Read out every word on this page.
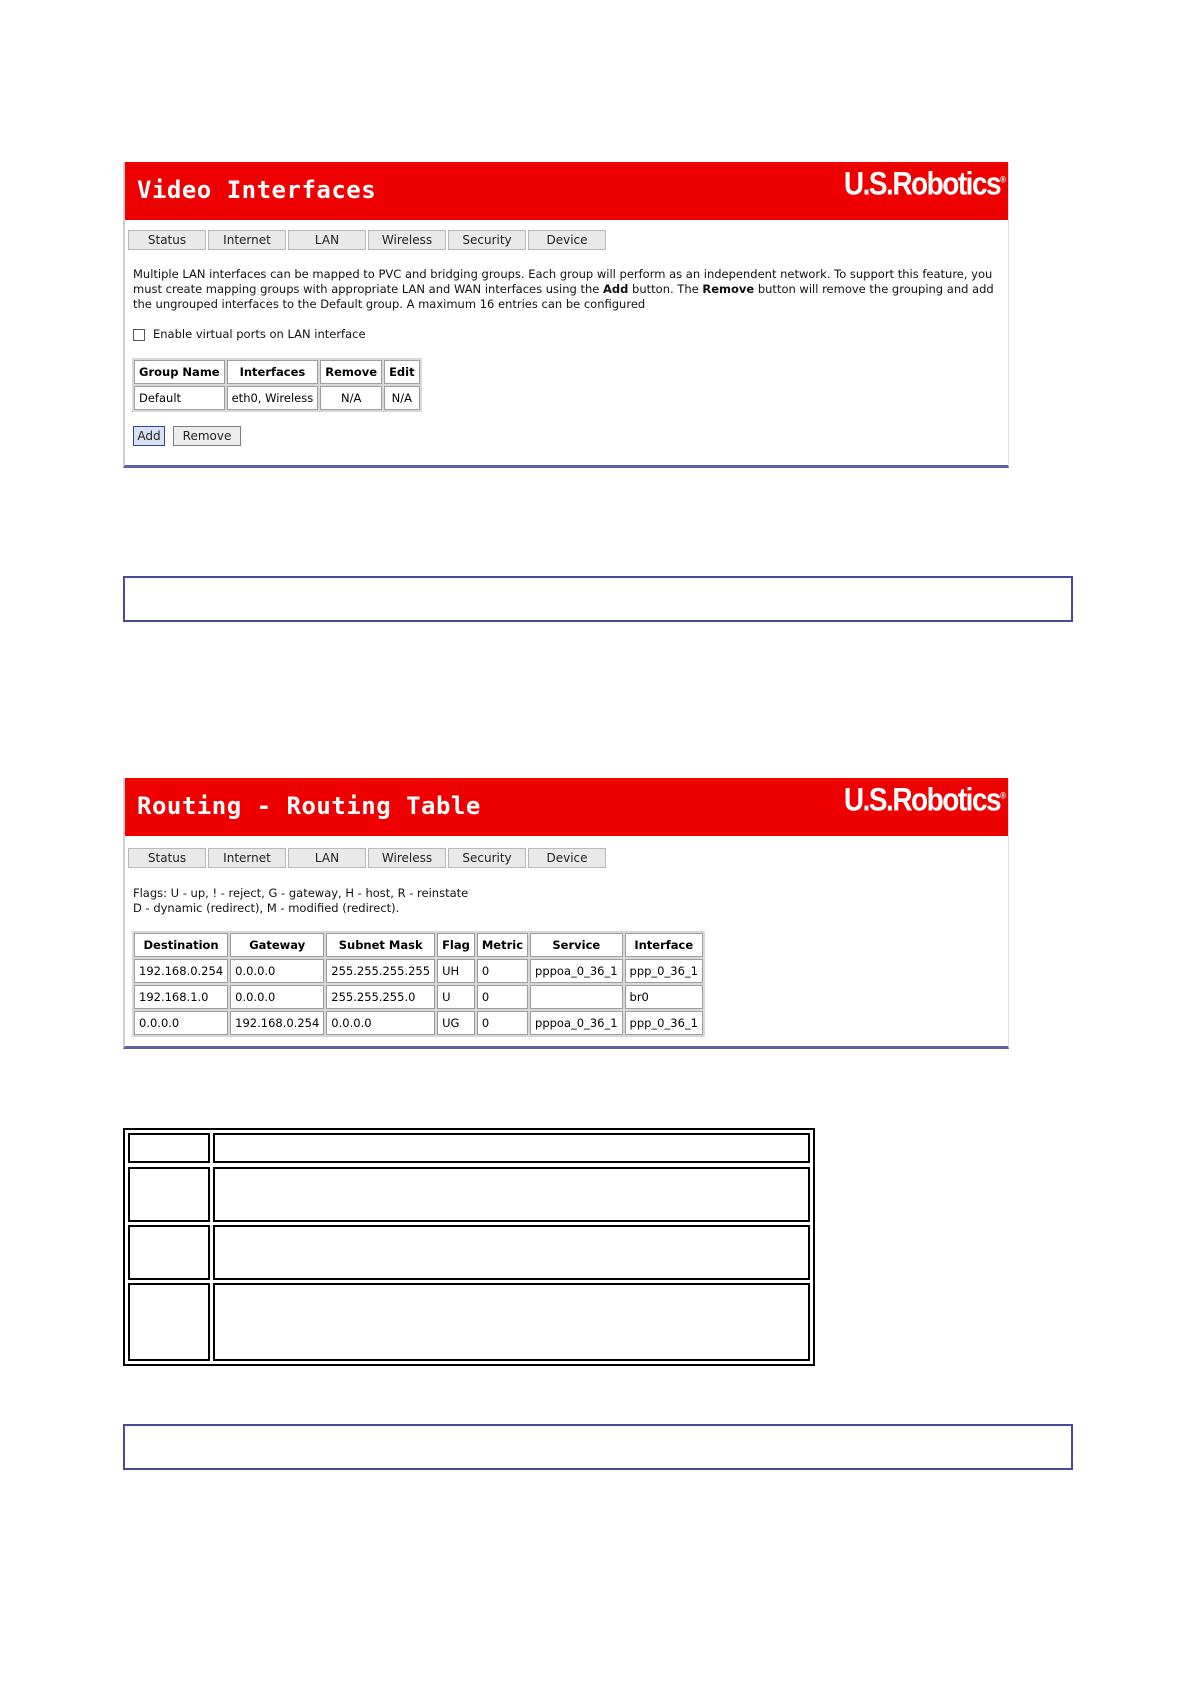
Video Interfaces	U.S.Robotics®
Status	Internet	LAN	Wireless	Security	Device
Multiple LAN interfaces can be mapped to PVC and bridging groups. Each group will perform as an independent network. To support this feature, you must create mapping groups with appropriate LAN and WAN interfaces using the Add button. The Remove button will remove the grouping and add the ungrouped interfaces to the Default group. A maximum 16 entries can be configured
Enable virtual ports on LAN interface
Group Name	Interfaces	Remove	Edit
Default	eth0, Wireless	N/A	N/A
Add	Remove
Routing - Routing Table	U.S.Robotics®
Status	Internet	LAN	Wireless	Security	Device
Flags: U - up, ! - reject, G - gateway, H - host, R - reinstate
D - dynamic (redirect), M - modified (redirect).
Destination	Gateway	Subnet Mask	Flag	Metric	Service	Interface
192.168.0.254	0.0.0.0	255.255.255.255	UH	0	pppoa_0_36_1	ppp_0_36_1
192.168.1.0	0.0.0.0	255.255.255.0	U	0		br0
0.0.0.0	192.168.0.254	0.0.0.0	UG	0	pppoa_0_36_1	ppp_0_36_1
